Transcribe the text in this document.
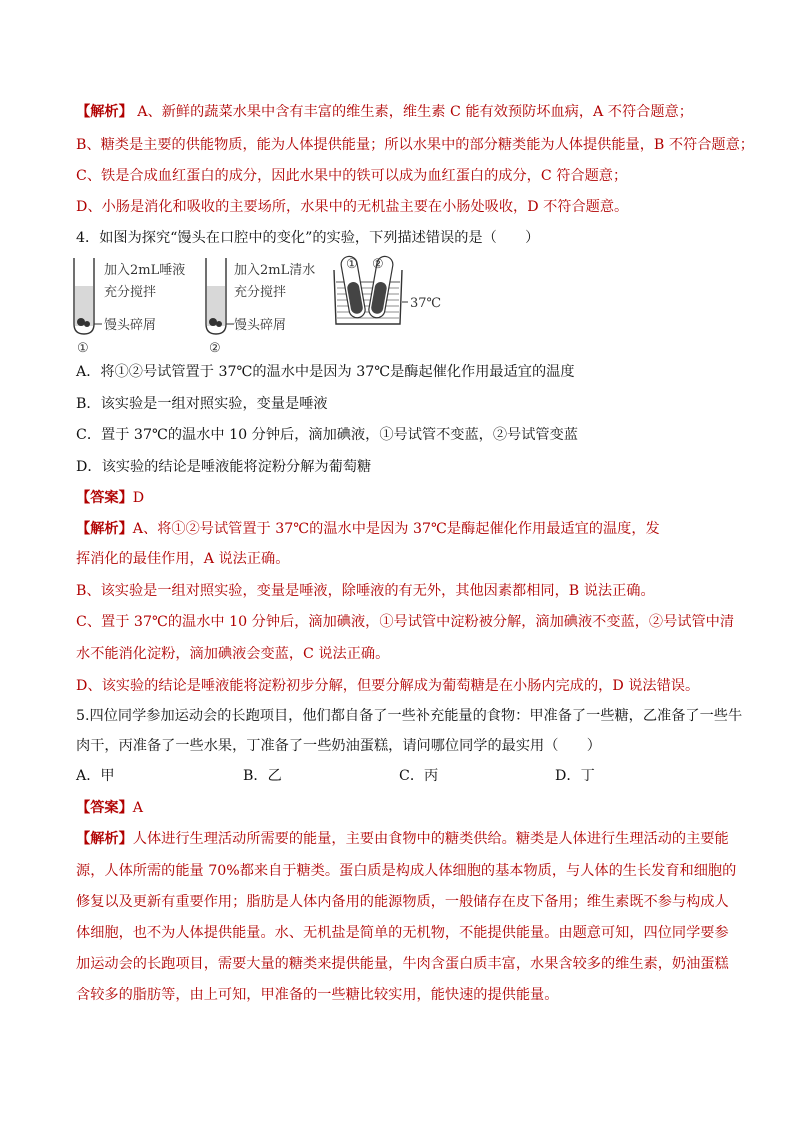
【解析】 A、新鲜的蔬菜水果中含有丰富的维生素，维生素 C 能有效预防坏血病，A 不符合题意；
B、糖类是主要的供能物质，能为人体提供能量；所以水果中的部分糖类能为人体提供能量，B 不符合题意；
C、铁是合成血红蛋白的成分，因此水果中的铁可以成为血红蛋白的成分，C 符合题意；
D、小肠是消化和吸收的主要场所，水果中的无机盐主要在小肠处吸收，D 不符合题意。
4．如图为探究“馒头在口腔中的变化”的实验，下列描述错误的是（　　）
加入2mL唾液
充分搅拌
馒头碎屑
①
加入2mL清水
充分搅拌
馒头碎屑
②
① ②
37℃
A．将①②号试管置于 37℃的温水中是因为 37℃是酶起催化作用最适宜的温度
B．该实验是一组对照实验，变量是唾液
C．置于 37℃的温水中 10 分钟后，滴加碘液，①号试管不变蓝，②号试管变蓝
D．该实验的结论是唾液能将淀粉分解为葡萄糖
【答案】D
【解析】A、将①②号试管置于 37℃的温水中是因为 37℃是酶起催化作用最适宜的温度，发
挥消化的最佳作用，A 说法正确。
B、该实验是一组对照实验，变量是唾液，除唾液的有无外，其他因素都相同，B 说法正确。
C、置于 37℃的温水中 10 分钟后，滴加碘液，①号试管中淀粉被分解，滴加碘液不变蓝，②号试管中清
水不能消化淀粉，滴加碘液会变蓝，C 说法正确。
D、该实验的结论是唾液能将淀粉初步分解，但要分解成为葡萄糖是在小肠内完成的，D 说法错误。
5.四位同学参加运动会的长跑项目，他们都自备了一些补充能量的食物：甲准备了一些糖，乙准备了一些牛
肉干，丙准备了一些水果，丁准备了一些奶油蛋糕，请问哪位同学的最实用（　　）
A．甲	B．乙	C．丙	D．丁
【答案】A
【解析】人体进行生理活动所需要的能量，主要由食物中的糖类供给。糖类是人体进行生理活动的主要能
源，人体所需的能量 70%都来自于糖类。蛋白质是构成人体细胞的基本物质，与人体的生长发育和细胞的
修复以及更新有重要作用；脂肪是人体内备用的能源物质，一般储存在皮下备用；维生素既不参与构成人
体细胞，也不为人体提供能量。水、无机盐是简单的无机物，不能提供能量。由题意可知，四位同学要参
加运动会的长跑项目，需要大量的糖类来提供能量，牛肉含蛋白质丰富，水果含较多的维生素，奶油蛋糕
含较多的脂肪等，由上可知，甲准备的一些糖比较实用，能快速的提供能量。
